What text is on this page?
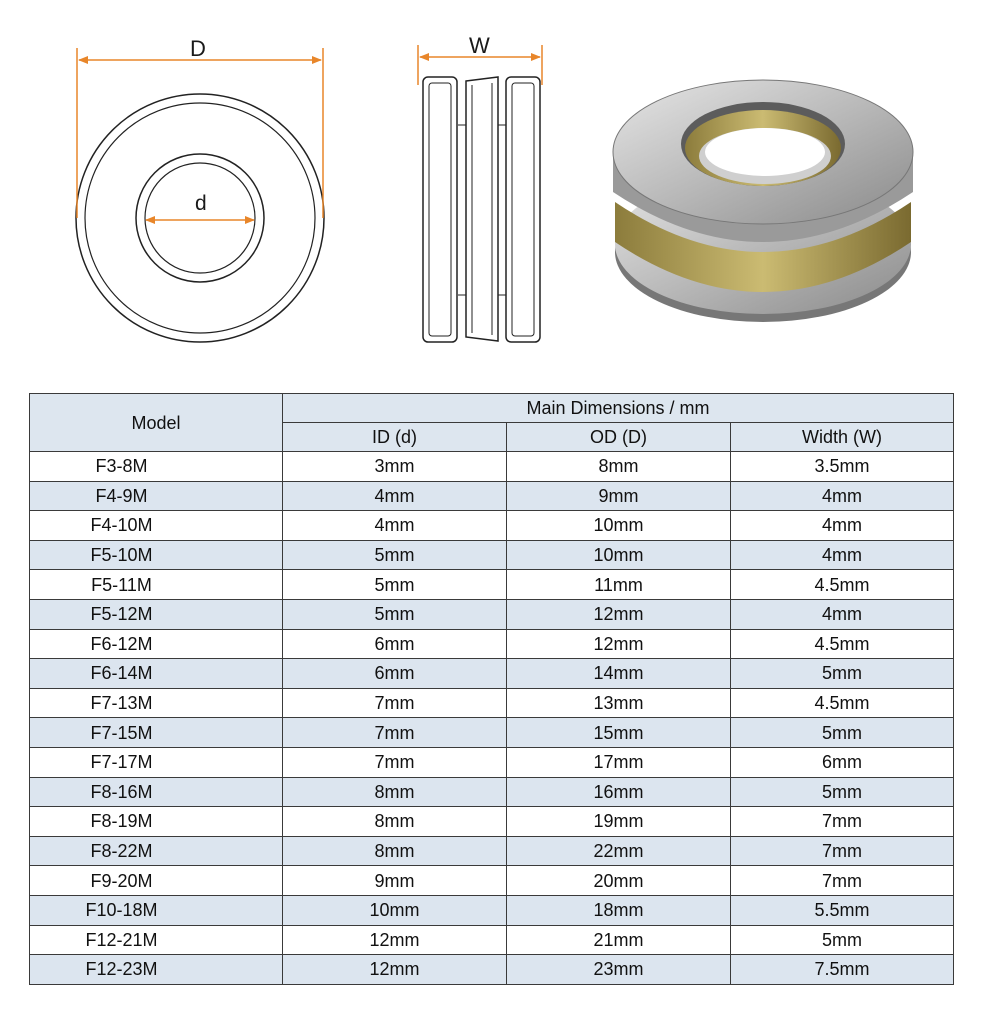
D	W
d
Model	Main Dimensions / mm		
	ID (d)	OD (D)	Width (W)
F3-8M	3mm	8mm	3.5mm
F4-9M	4mm	9mm	4mm
F4-10M	4mm	10mm	4mm
F5-10M	5mm	10mm	4mm
F5-11M	5mm	11mm	4.5mm
F5-12M	5mm	12mm	4mm
F6-12M	6mm	12mm	4.5mm
F6-14M	6mm	14mm	5mm
F7-13M	7mm	13mm	4.5mm
F7-15M	7mm	15mm	5mm
F7-17M	7mm	17mm	6mm
F8-16M	8mm	16mm	5mm
F8-19M	8mm	19mm	7mm
F8-22M	8mm	22mm	7mm
F9-20M	9mm	20mm	7mm
F10-18M	10mm	18mm	5.5mm
F12-21M	12mm	21mm	5mm
F12-23M	12mm	23mm	7.5mm
